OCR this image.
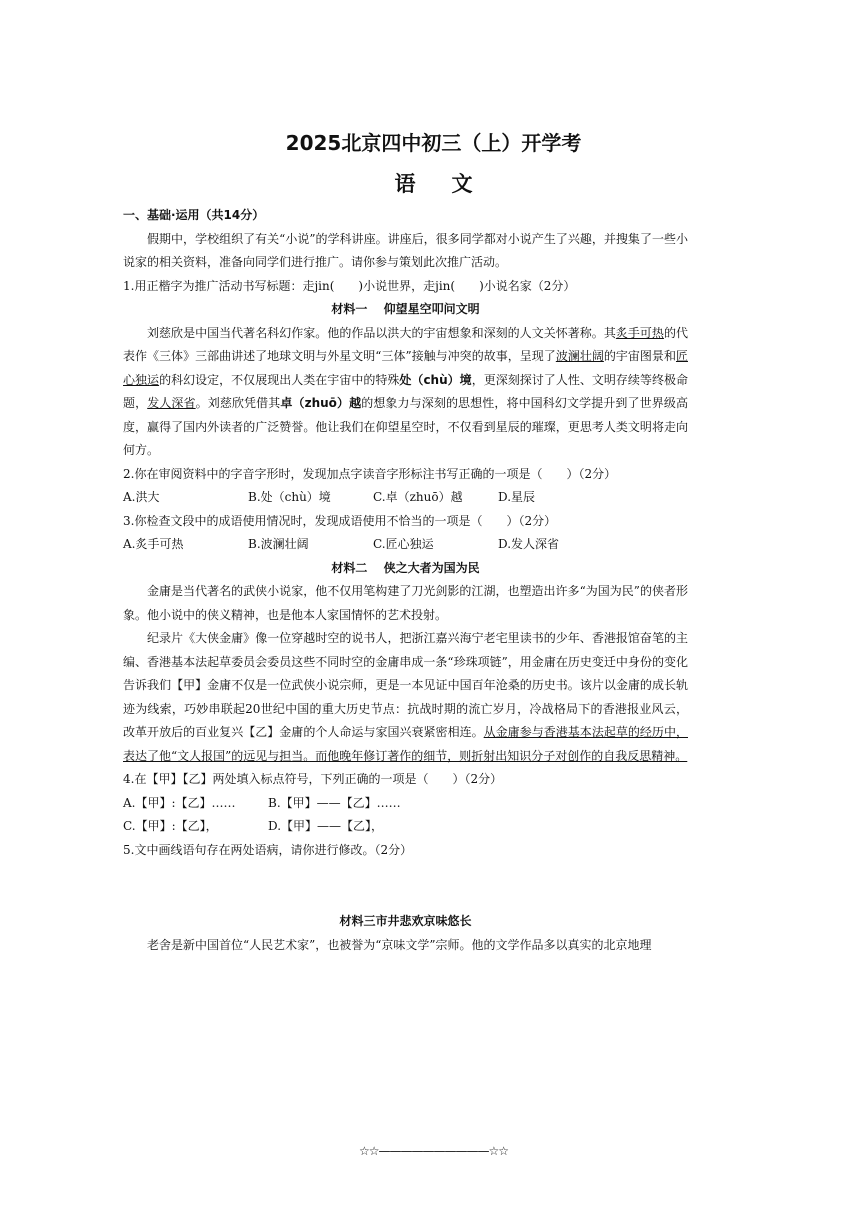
2025北京四中初三（上）开学考
语文

一、基础·运用（共14分）

假期中，学校组织了有关“小说”的学科讲座。讲座后，很多同学都对小说产生了兴趣，并搜集了一些小说家的相关资料，准备向同学们进行推广。请你参与策划此次推广活动。

1.用正楷字为推广活动书写标题：走jin(　　)小说世界，走jin(　　)小说名家（2分）

材料一　 仰望星空叩问文明

刘慈欣是中国当代著名科幻作家。他的作品以洪大的宇宙想象和深刻的人文关怀著称。其炙手可热的代表作《三体》三部曲讲述了地球文明与外星文明“三体”接触与冲突的故事，呈现了波澜壮阔的宇宙图景和匠心独运的科幻设定，不仅展现出人类在宇宙中的特殊处（chù）境，更深刻探讨了人性、文明存续等终极命题，发人深省。刘慈欣凭借其卓（zhuō）越的想象力与深刻的思想性，将中国科幻文学提升到了世界级高度，赢得了国内外读者的广泛赞誉。他让我们在仰望星空时，不仅看到星辰的璀璨，更思考人类文明将走向何方。

2.你在审阅资料中的字音字形时，发现加点字读音字形标注书写正确的一项是（　　）（2分）

A.洪大	B.处（chù）境	C.卓（zhuō）越	D.星辰

3.你检查文段中的成语使用情况时，发现成语使用不恰当的一项是（　　）（2分）

A.炙手可热	B.波澜壮阔	C.匠心独运	D.发人深省

材料二　 侠之大者为国为民

金庸是当代著名的武侠小说家，他不仅用笔构建了刀光剑影的江湖，也塑造出许多“为国为民”的侠者形象。他小说中的侠义精神，也是他本人家国情怀的艺术投射。

纪录片《大侠金庸》像一位穿越时空的说书人，把浙江嘉兴海宁老宅里读书的少年、香港报馆奋笔的主编、香港基本法起草委员会委员这些不同时空的金庸串成一条“珍珠项链”，用金庸在历史变迁中身份的变化告诉我们【甲】金庸不仅是一位武侠小说宗师，更是一本见证中国百年沧桑的历史书。该片以金庸的成长轨迹为线索，巧妙串联起20世纪中国的重大历史节点：抗战时期的流亡岁月，冷战格局下的香港报业风云，改革开放后的百业复兴【乙】金庸的个人命运与家国兴衰紧密相连。从金庸参与香港基本法起草的经历中，表达了他“文人报国”的远见与担当。而他晚年修订著作的细节，则折射出知识分子对创作的自我反思精神。

4.在【甲】【乙】两处填入标点符号，下列正确的一项是（　　）（2分）

A.【甲】:【乙】……	B.【甲】——【乙】……
C.【甲】:【乙】，	D.【甲】——【乙】，

5.文中画线语句存在两处语病，请你进行修改。（2分）

材料三市井悲欢京味悠长

老舍是新中国首位“人民艺术家”，也被誉为“京味文学”宗师。他的文学作品多以真实的北京地理

☆☆——————————☆☆
